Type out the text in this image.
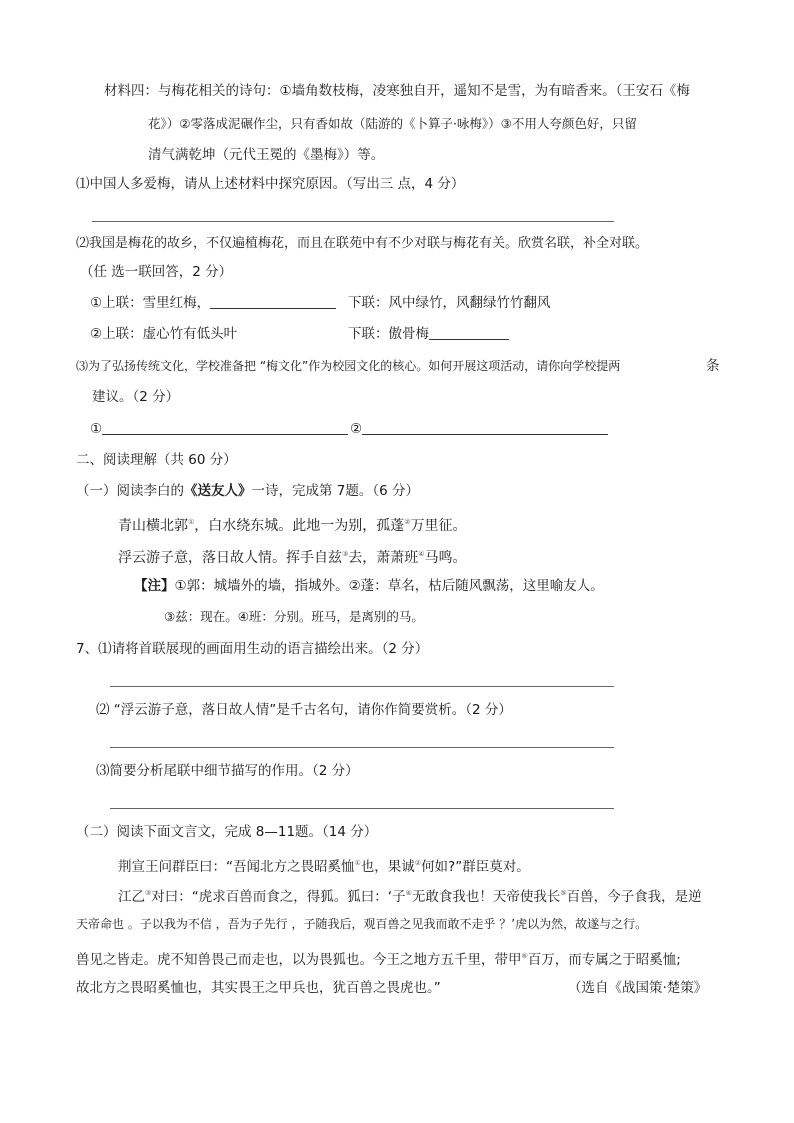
材料四：与梅花相关的诗句：①墙角数枝梅，凌寒独自开，遥知不是雪，为有暗香来。（王安石《梅
花》）②零落成泥碾作尘，只有香如故（陆游的《卜算子·咏梅》）③不用人夸颜色好，只留
清气满乾坤（元代王冕的《墨梅》）等。
⑴中国人多爱梅，请从上述材料中探究原因。（写出三 点，4 分）
⑵我国是梅花的故乡，不仅遍植梅花，而且在联苑中有不少对联与梅花有关。欣赏名联，补全对联。
（任 选一联回答，2 分）
①上联：雪里红梅，	下联：风中绿竹，风翻绿竹竹翻风
②上联：虚心竹有低头叶	下联：傲骨梅
⑶为了弘扬传统文化，学校准备把 “梅文化”作为校园文化的核心。如何开展这项活动，请你向学校提两	条
建议。（2 分）
①	②
二、阅读理解（共 60 分）
（一）阅读李白的《送友人》一诗，完成第 7题。（6 分）
青山横北郭①，白水绕东城。此地一为别，孤蓬②万里征。
浮云游子意，落日故人情。挥手自兹③去，萧萧班④马鸣。
【注】①郭：城墙外的墙，指城外。②蓬：草名，枯后随风飘荡，这里喻友人。
③兹：现在。④班：分别。班马，是离别的马。
7、⑴请将首联展现的画面用生动的语言描绘出来。（2 分）
⑵ “浮云游子意，落日故人情”是千古名句，请你作简要赏析。（2 分）
⑶简要分析尾联中细节描写的作用。（2 分）
（二）阅读下面文言文，完成 8—11题。（14 分）
荆宣王问群臣曰：“吾闻北方之畏昭奚恤①也，果诚②何如?”群臣莫对。
江乙③对曰：“虎求百兽而食之，得狐。狐曰：‘子④无敢食我也！天帝使我长⑤百兽，今子食我，是逆
天帝命也 。子以我为不信 ，吾为子先行 ，子随我后，观百兽之见我而敢不走乎 ？’虎以为然，故遂与之行。
兽见之皆走。虎不知兽畏己而走也，以为畏狐也。今王之地方五千里，带甲⑥百万，而专属之于昭奚恤;
故北方之畏昭奚恤也，其实畏王之甲兵也，犹百兽之畏虎也。”	（选自《战国策·楚策》
